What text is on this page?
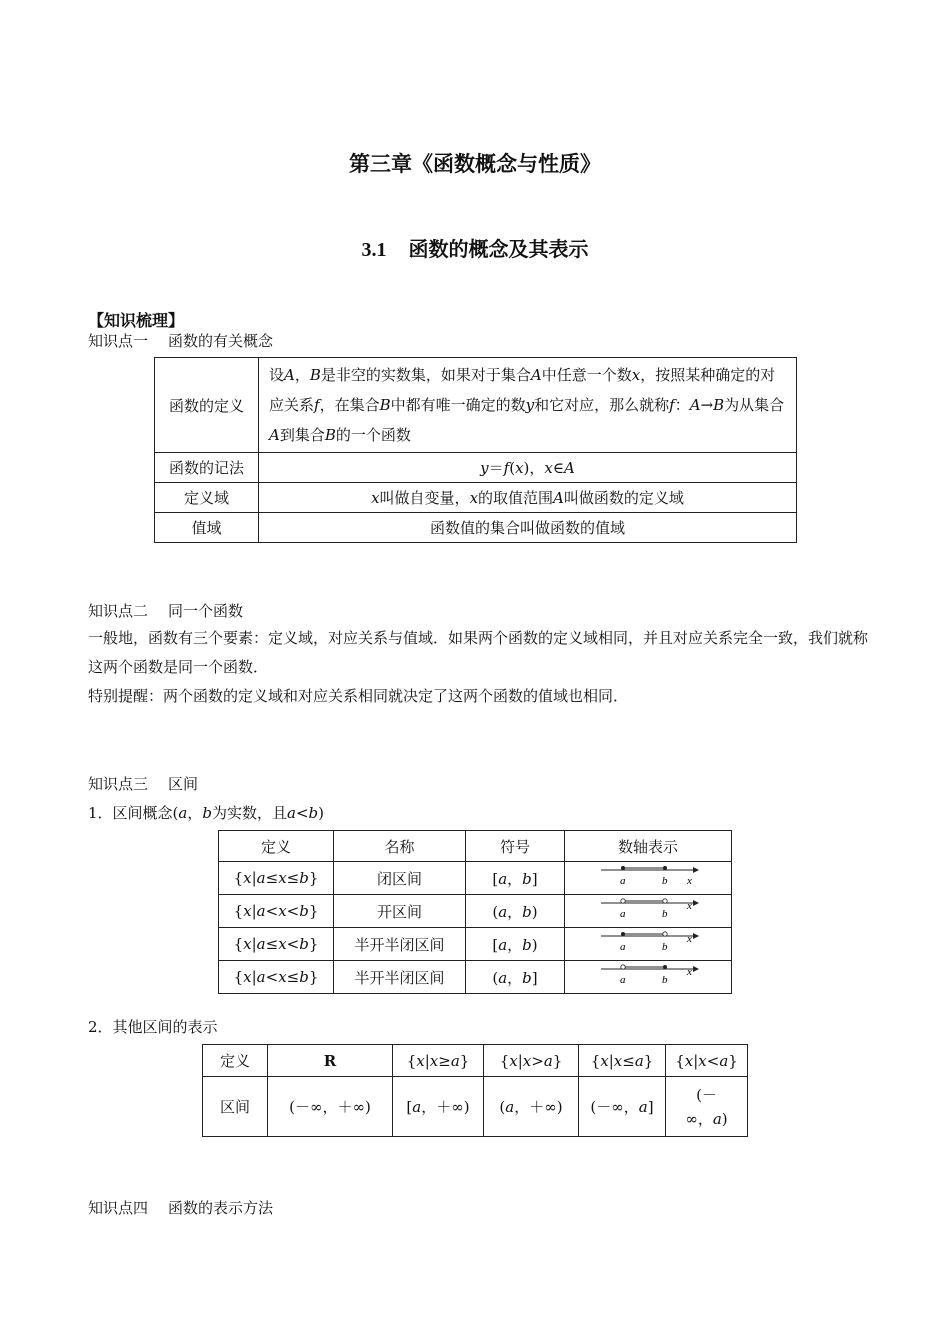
第三章《函数概念与性质》
3.1 函数的概念及其表示
【知识梳理】
知识点一 函数的有关概念
函数的定义	设A，B是非空的实数集，如果对于集合A中任意一个数x，按照某种确定的对应关系f，在集合B中都有唯一确定的数y和它对应，那么就称f：A→B为从集合A到集合B的一个函数
函数的记法	y＝f(x)，x∈A
定义域	x叫做自变量，x的取值范围A叫做函数的定义域
值域	函数值的集合叫做函数的值域
知识点二 同一个函数
一般地，函数有三个要素：定义域，对应关系与值域．如果两个函数的定义域相同，并且对应关系完全一致，我们就称这两个函数是同一个函数．
特别提醒：两个函数的定义域和对应关系相同就决定了这两个函数的值域也相同．
知识点三 区间
1．区间概念(a，b为实数，且a<b)
定义	名称	符号	数轴表示
{x|a≤x≤b}	闭区间	[a，b]	a b x

{x|a<x<b}	开区间	(a，b)	a b
x

{x|a≤x<b}	半开半闭区间	[a，b)	a b
x

{x|a<x≤b}	半开半闭区间	(a，b]	a b
x
2．其他区间的表示
定义	R	{x|x≥a}	{x|x>a}	{x|x≤a}	{x|x<a}
区间	(－∞，＋∞)	[a，＋∞)	(a，＋∞)	(－∞，a]	(－
∞，a)
知识点四 函数的表示方法
